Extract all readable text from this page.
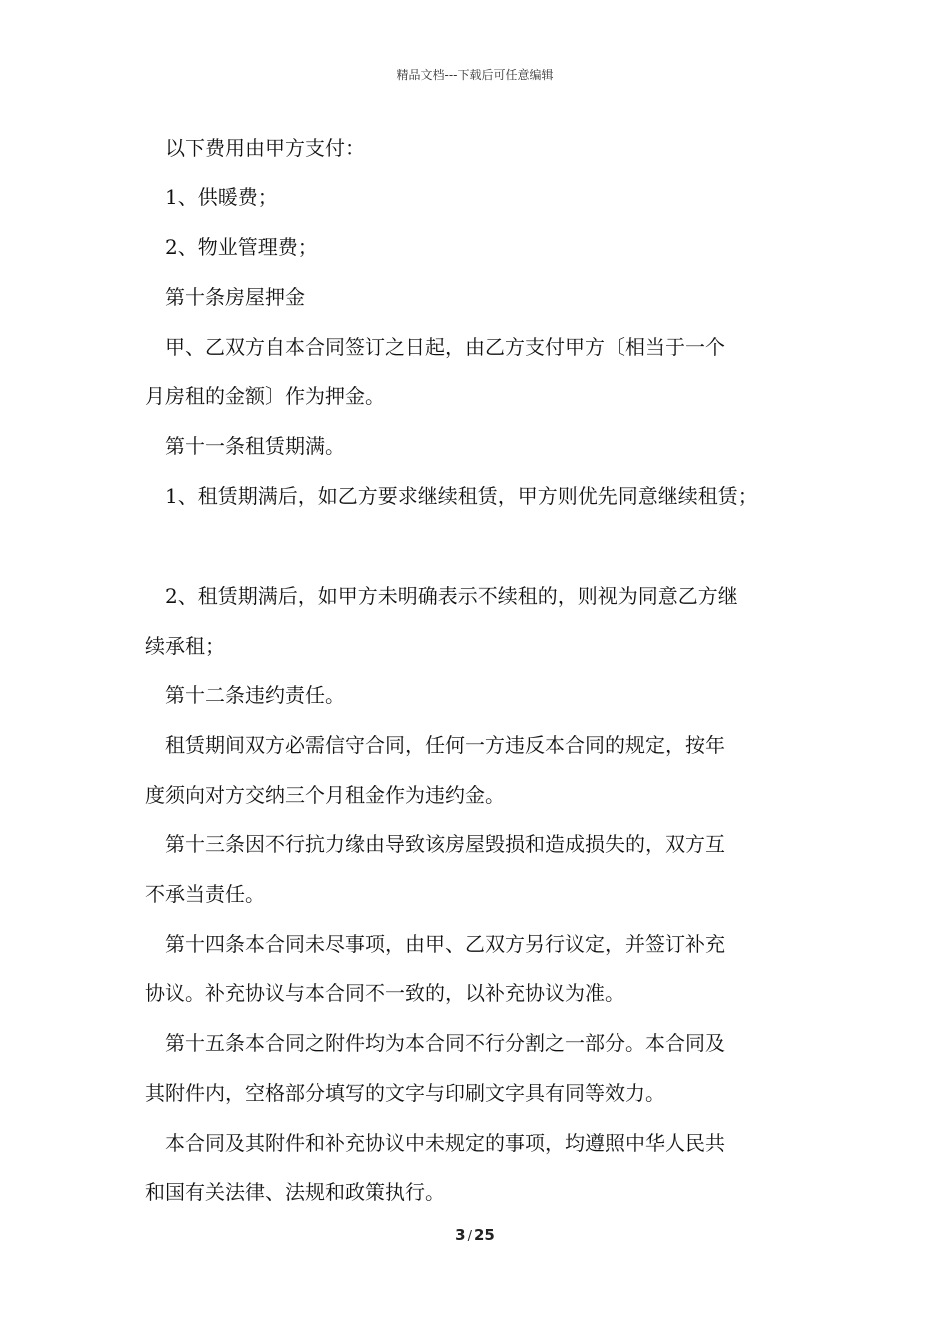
精品文档---下载后可任意编辑
以下费用由甲方支付：
1、供暖费；
2、物业管理费；
第十条房屋押金
甲、乙双方自本合同签订之日起，由乙方支付甲方〔相当于一个
月房租的金额〕作为押金。
第十一条租赁期满。
1、租赁期满后，如乙方要求继续租赁，甲方则优先同意继续租赁；
2、租赁期满后，如甲方未明确表示不续租的，则视为同意乙方继
续承租；
第十二条违约责任。
租赁期间双方必需信守合同，任何一方违反本合同的规定，按年
度须向对方交纳三个月租金作为违约金。
第十三条因不行抗力缘由导致该房屋毁损和造成损失的，双方互
不承当责任。
第十四条本合同未尽事项，由甲、乙双方另行议定，并签订补充
协议。补充协议与本合同不一致的，以补充协议为准。
第十五条本合同之附件均为本合同不行分割之一部分。本合同及
其附件内，空格部分填写的文字与印刷文字具有同等效力。
本合同及其附件和补充协议中未规定的事项，均遵照中华人民共
和国有关法律、法规和政策执行。
3 / 25
